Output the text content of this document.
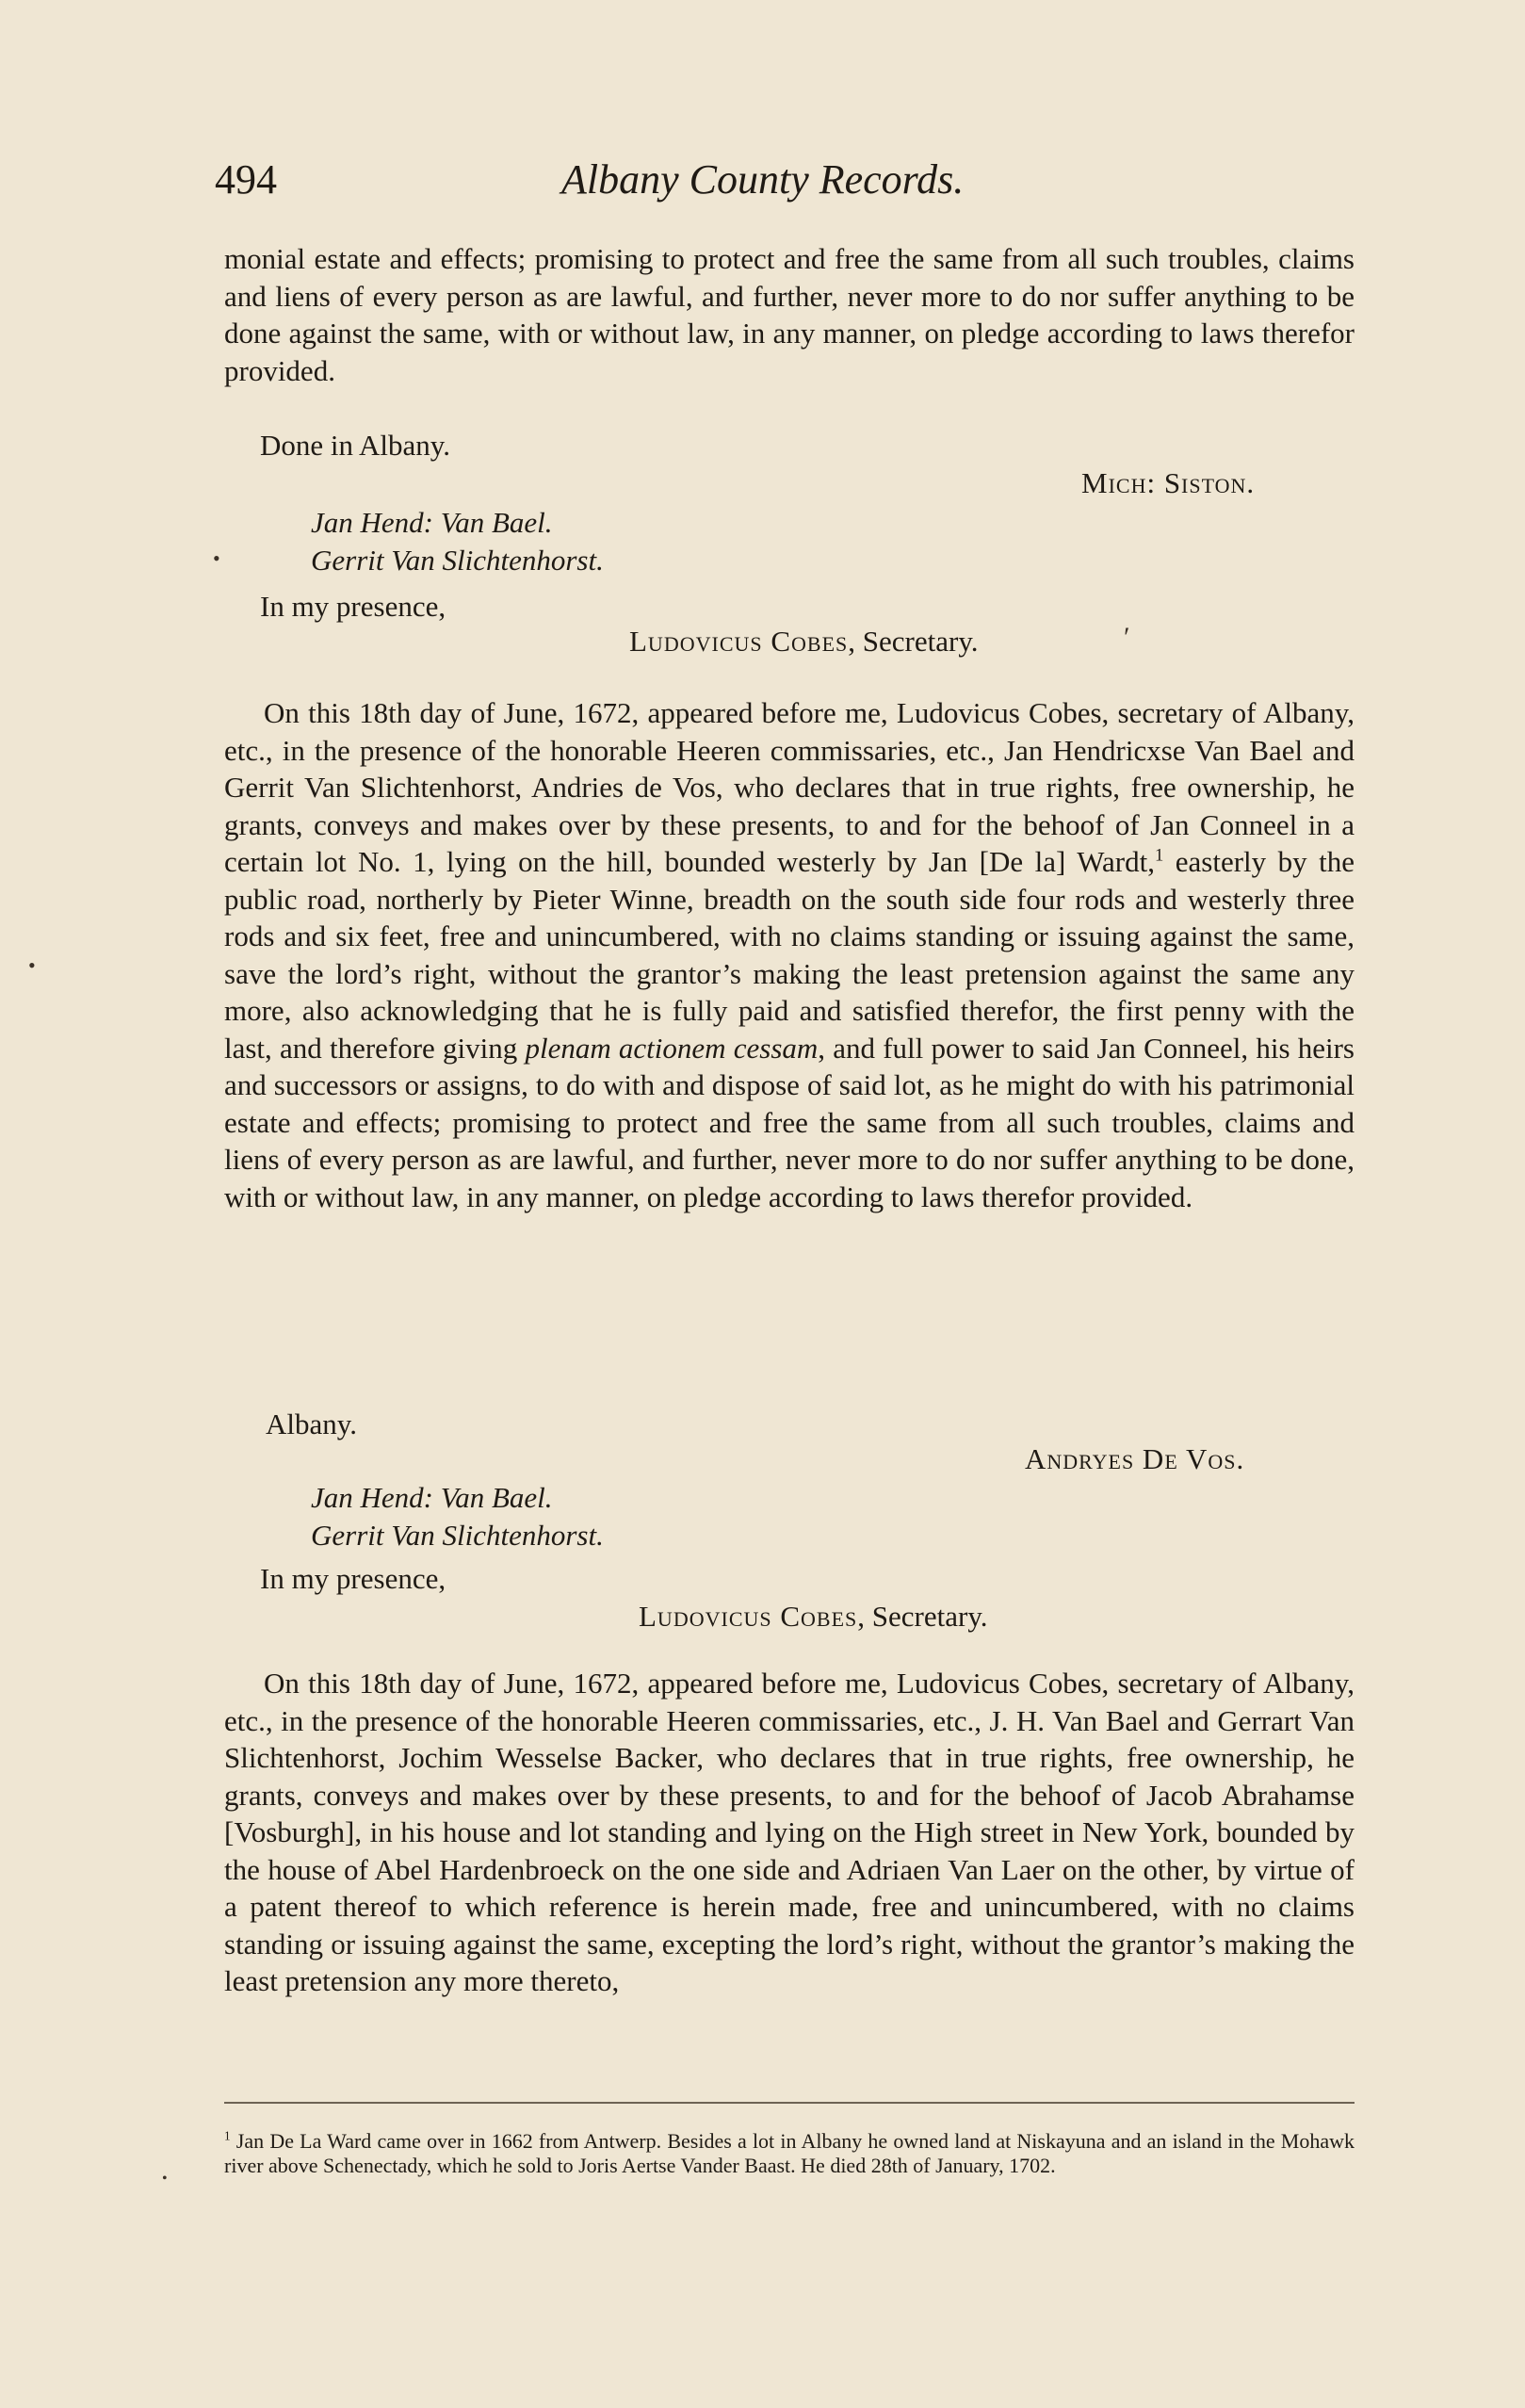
494	Albany County Records.

monial estate and effects; promising to protect and free the same from all such troubles, claims and liens of every person as are lawful, and further, never more to do nor suffer anything to be done against the same, with or without law, in any manner, on pledge according to laws therefor provided.

Done in Albany.
Mich: Siston.
Jan Hend: Van Bael.
Gerrit Van Slichtenhorst.
•
In my presence,
Ludovicus Cobes, Secretary.	ʹ

On this 18th day of June, 1672, appeared before me, Ludovicus Cobes, secretary of Albany, etc., in the presence of the honorable Heeren commissaries, etc., Jan Hendricxse Van Bael and Gerrit Van Slichtenhorst, Andries de Vos, who declares that in true rights, free ownership, he grants, conveys and makes over by these presents, to and for the behoof of Jan Conneel in a certain lot No. 1, lying on the hill, bounded westerly by Jan [De la] Wardt,$^1$ easterly by the public road, northerly by Pieter Winne, breadth on the south side four rods and westerly three rods and six feet, free and unincumbered, with no claims standing or issuing against the same, save the lord’s right, without the grantor’s making the least pretension against the same any more, also acknowledging that he is fully paid and satisfied therefor, the first penny with the last, and therefore giving plenam actionem cessam, and full power to said Jan Conneel, his heirs and successors or assigns, to do with and dispose of said lot, as he might do with his patrimonial estate and effects; promising to protect and free the same from all such troubles, claims and liens of every person as are lawful, and further, never more to do nor suffer anything to be done, with or without law, in any manner, on pledge according to laws therefor provided.

•
Albany.
Andryes De Vos.
Jan Hend: Van Bael.
Gerrit Van Slichtenhorst.
In my presence,
Ludovicus Cobes, Secretary.

On this 18th day of June, 1672, appeared before me, Ludovicus Cobes, secretary of Albany, etc., in the presence of the honorable Heeren commissaries, etc., J. H. Van Bael and Gerrart Van Slichtenhorst, Jochim Wesselse Backer, who declares that in true rights, free ownership, he grants, conveys and makes over by these presents, to and for the behoof of Jacob Abrahamse [Vosburgh], in his house and lot standing and lying on the High street in New York, bounded by the house of Abel Hardenbroeck on the one side and Adriaen Van Laer on the other, by virtue of a patent thereof to which reference is herein made, free and unincumbered, with no claims standing or issuing against the same, excepting the lord’s right, without the grantor’s making the least pretension any more thereto,

$^1$ Jan De La Ward came over in 1662 from Antwerp. Besides a lot in Albany he owned land at Niskayuna and an island in the Mohawk river above Schenectady, which he sold to Joris Aertse Vander Baast. He died 28th of January, 1702.
•
